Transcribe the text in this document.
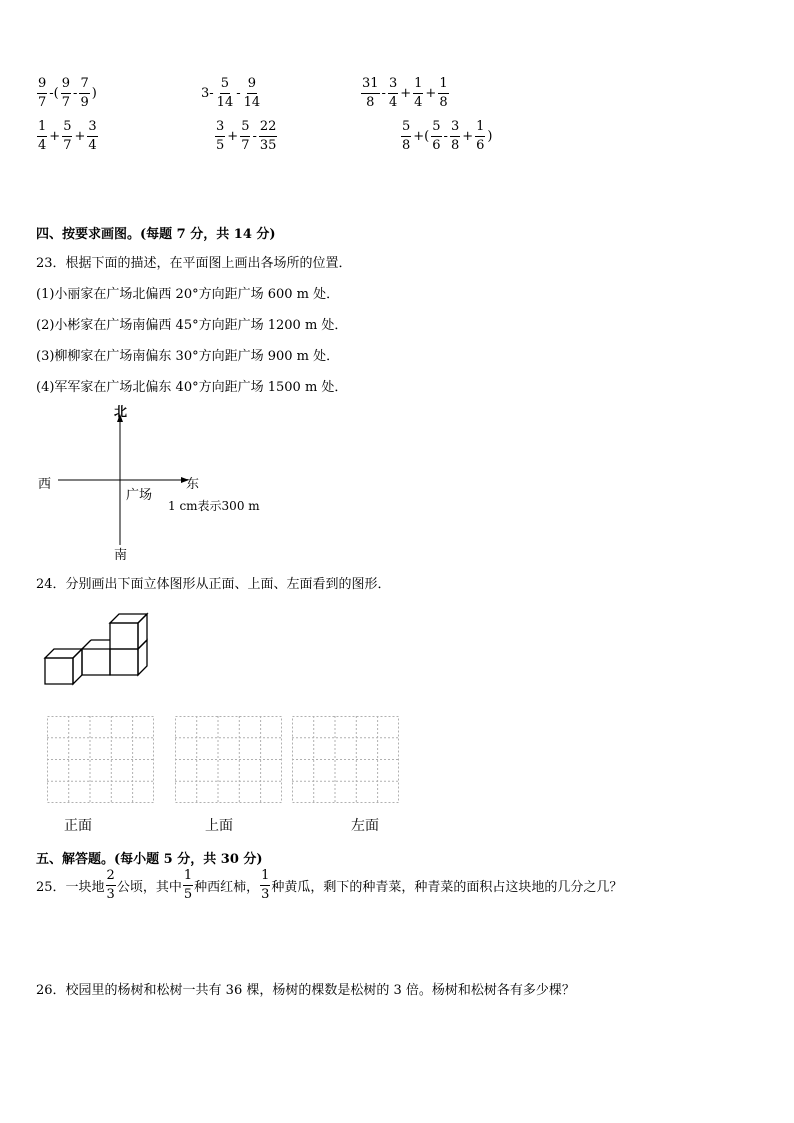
$\frac{9}{7}$ -( $\frac{9}{7} - \frac{7}{9}$ )	$3- \frac{5}{14} - \frac{9}{14}$	$\frac{31}{8} - \frac{3}{4} + \frac{1}{4} + \frac{1}{8}$
$\frac{1}{4} + \frac{5}{7} + \frac{3}{4}$	$\frac{3}{5} + \frac{5}{7} - \frac{22}{35}$	$\frac{5}{8}$ +( $\frac{5}{6} - \frac{3}{8} + \frac{1}{6}$ )
四、按要求画图。(每题 7 分，共 14 分)
23．根据下面的描述，在平面图上画出各场所的位置．
(1)小丽家在广场北偏西 20°方向距广场 600 m 处．
(2)小彬家在广场南偏西 45°方向距广场 1200 m 处．
(3)柳柳家在广场南偏东 30°方向距广场 900 m 处．
(4)军军家在广场北偏东 40°方向距广场 1500 m 处．
北
南
西	东
广场
1 cm表示300 m
24．分别画出下面立体图形从正面、上面、左面看到的图形．
正面	上面	左面
五、解答题。(每小题 5 分，共 30 分)
25．一块地 $\frac{2}{3}$ 公顷，其中 $\frac{1}{5}$ 种西红柿， $\frac{1}{3}$ 种黄瓜，剩下的种青菜，种青菜的面积占这块地的几分之几？
26．校园里的杨树和松树一共有 36 棵，杨树的棵数是松树的 3 倍。杨树和松树各有多少棵？
